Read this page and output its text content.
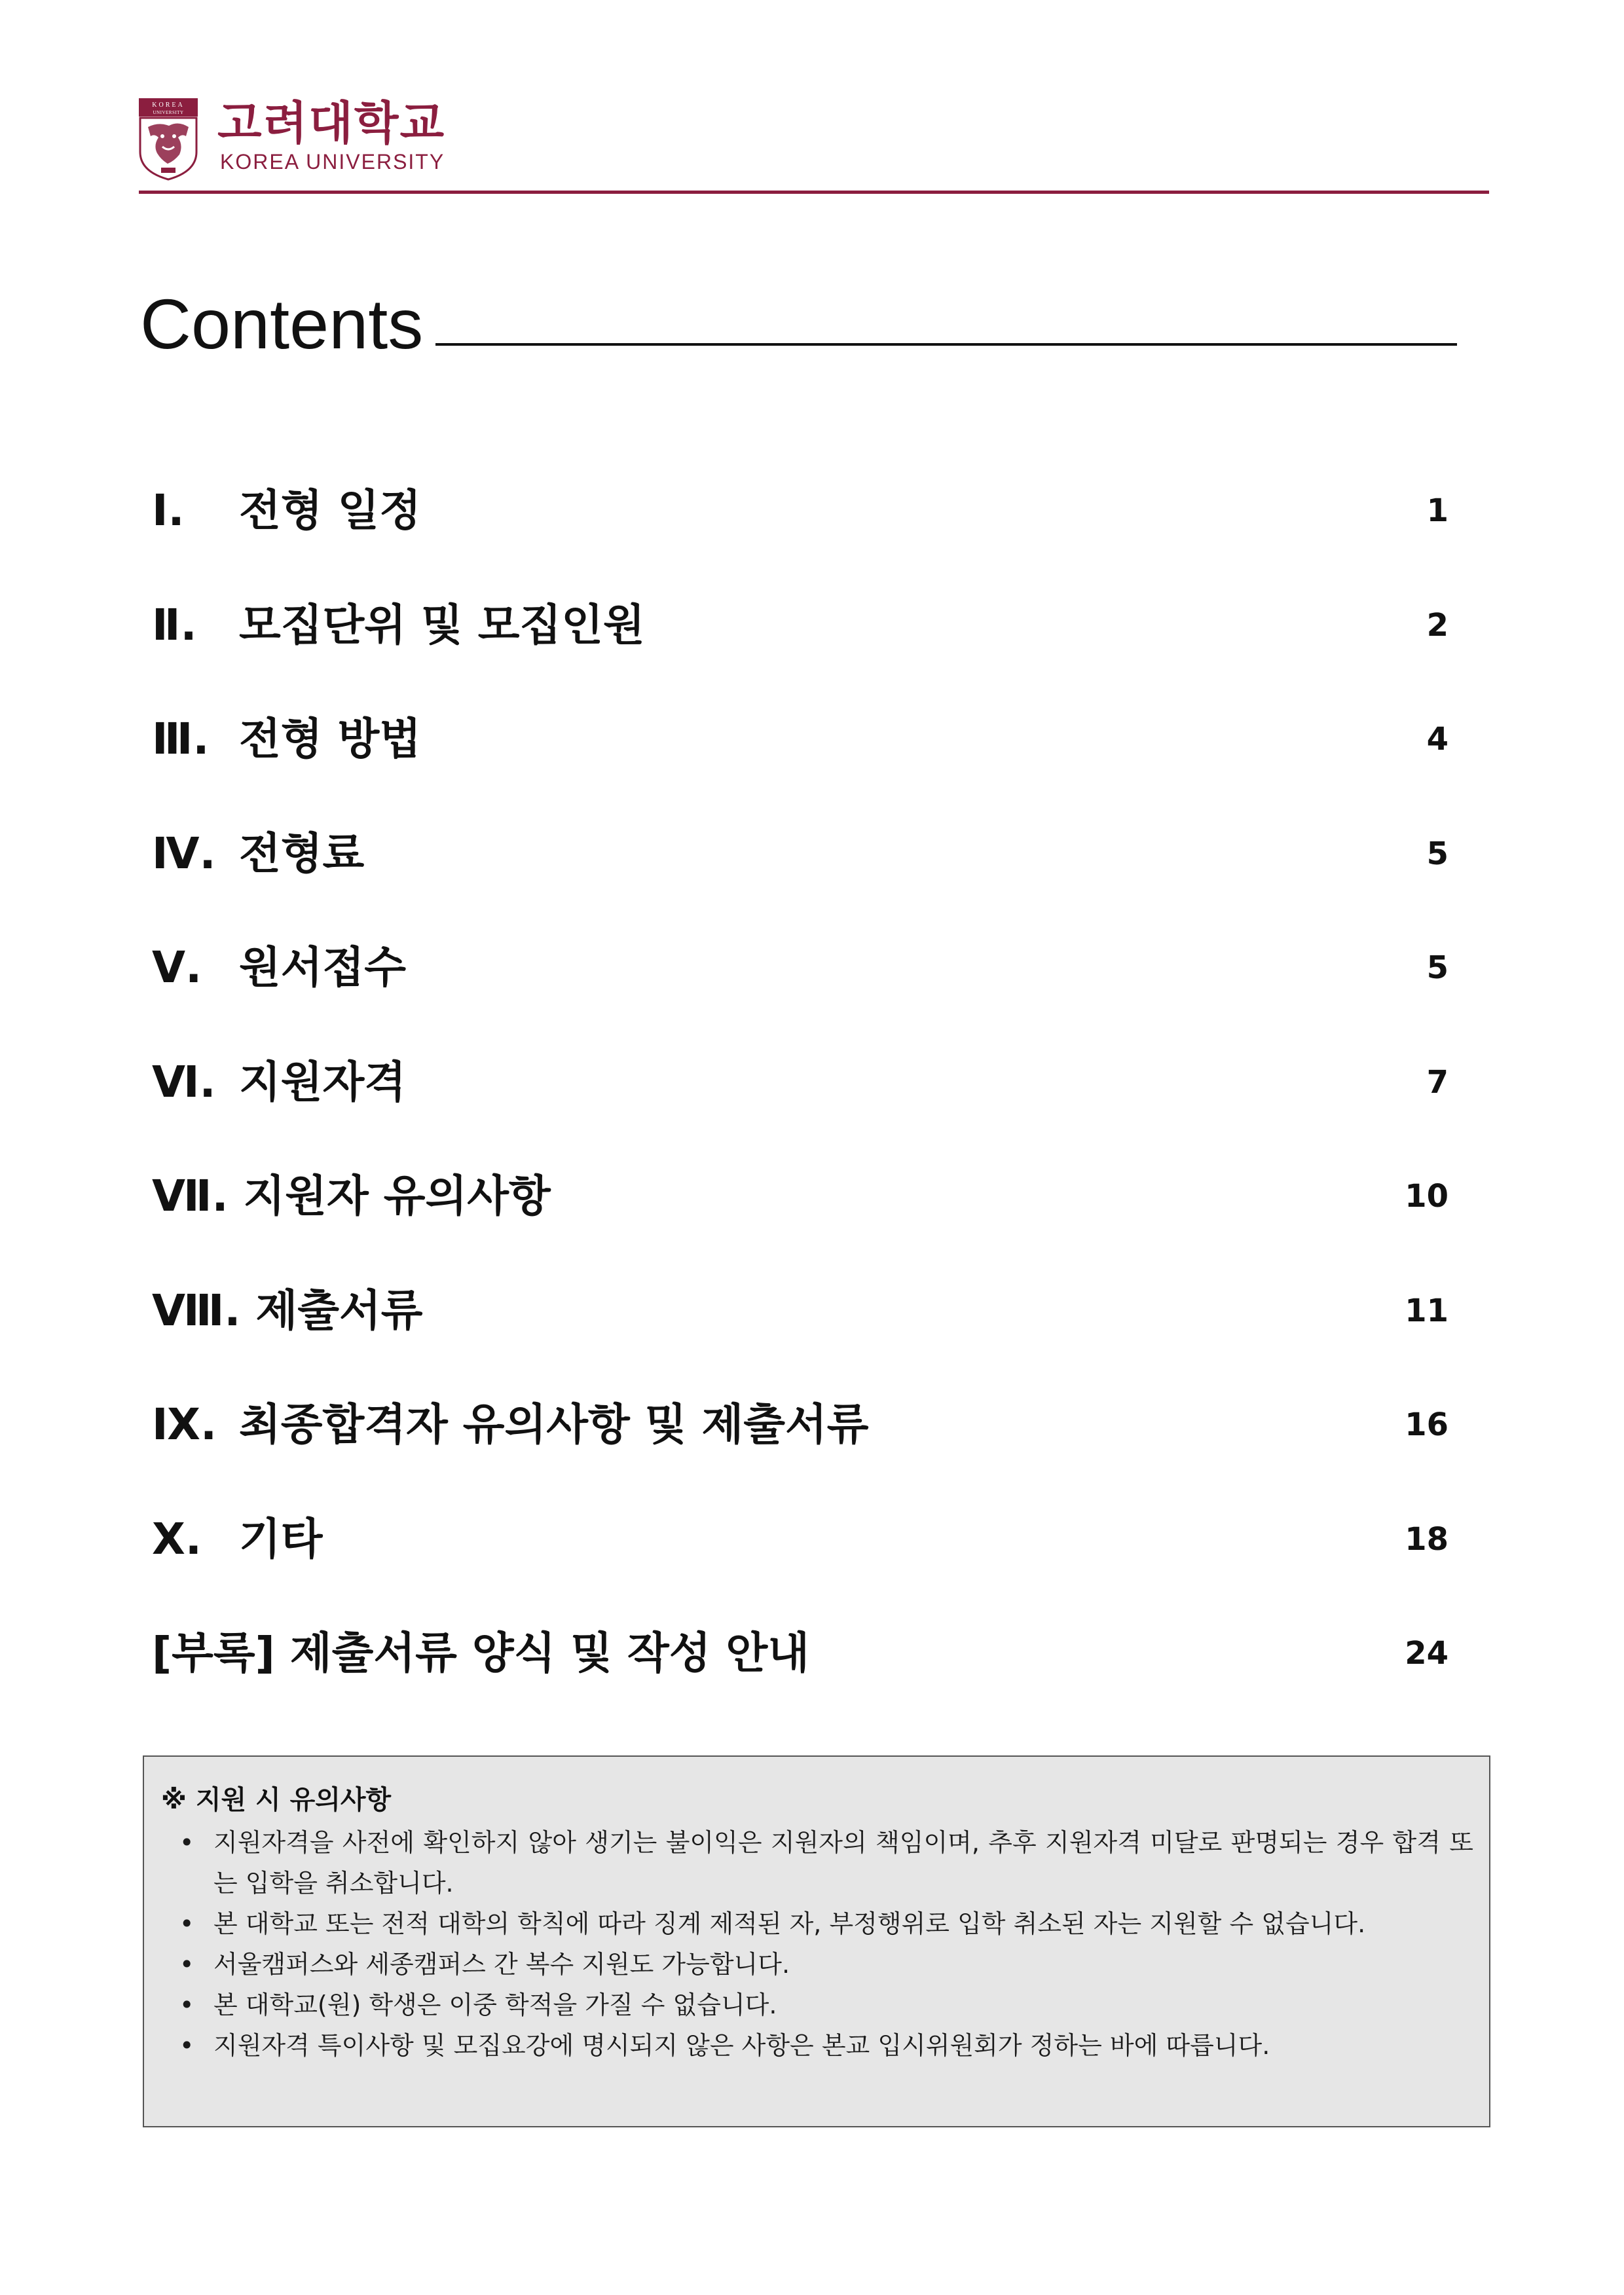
KOREA
UNIVERSITY 고려대학교
KOREA UNIVERSITY
Contents
Ⅰ. 전형 일정	1
Ⅱ. 모집단위 및 모집인원	2
Ⅲ. 전형 방법	4
Ⅳ. 전형료	5
Ⅴ. 원서접수	5
Ⅵ. 지원자격	7
Ⅶ. 지원자 유의사항	10
Ⅷ. 제출서류	11
Ⅸ. 최종합격자 유의사항 및 제출서류	16
Ⅹ. 기타	18
[부록] 제출서류 양식 및 작성 안내	24
※ 지원 시 유의사항
• 지원자격을 사전에 확인하지 않아 생기는 불이익은 지원자의 책임이며, 추후 지원자격 미달로 판명되는 경우 합격 또는 입학을 취소합니다.
• 본 대학교 또는 전적 대학의 학칙에 따라 징계 제적된 자, 부정행위로 입학 취소된 자는 지원할 수 없습니다.
• 서울캠퍼스와 세종캠퍼스 간 복수 지원도 가능합니다.
• 본 대학교(원) 학생은 이중 학적을 가질 수 없습니다.
• 지원자격 특이사항 및 모집요강에 명시되지 않은 사항은 본교 입시위원회가 정하는 바에 따릅니다.
